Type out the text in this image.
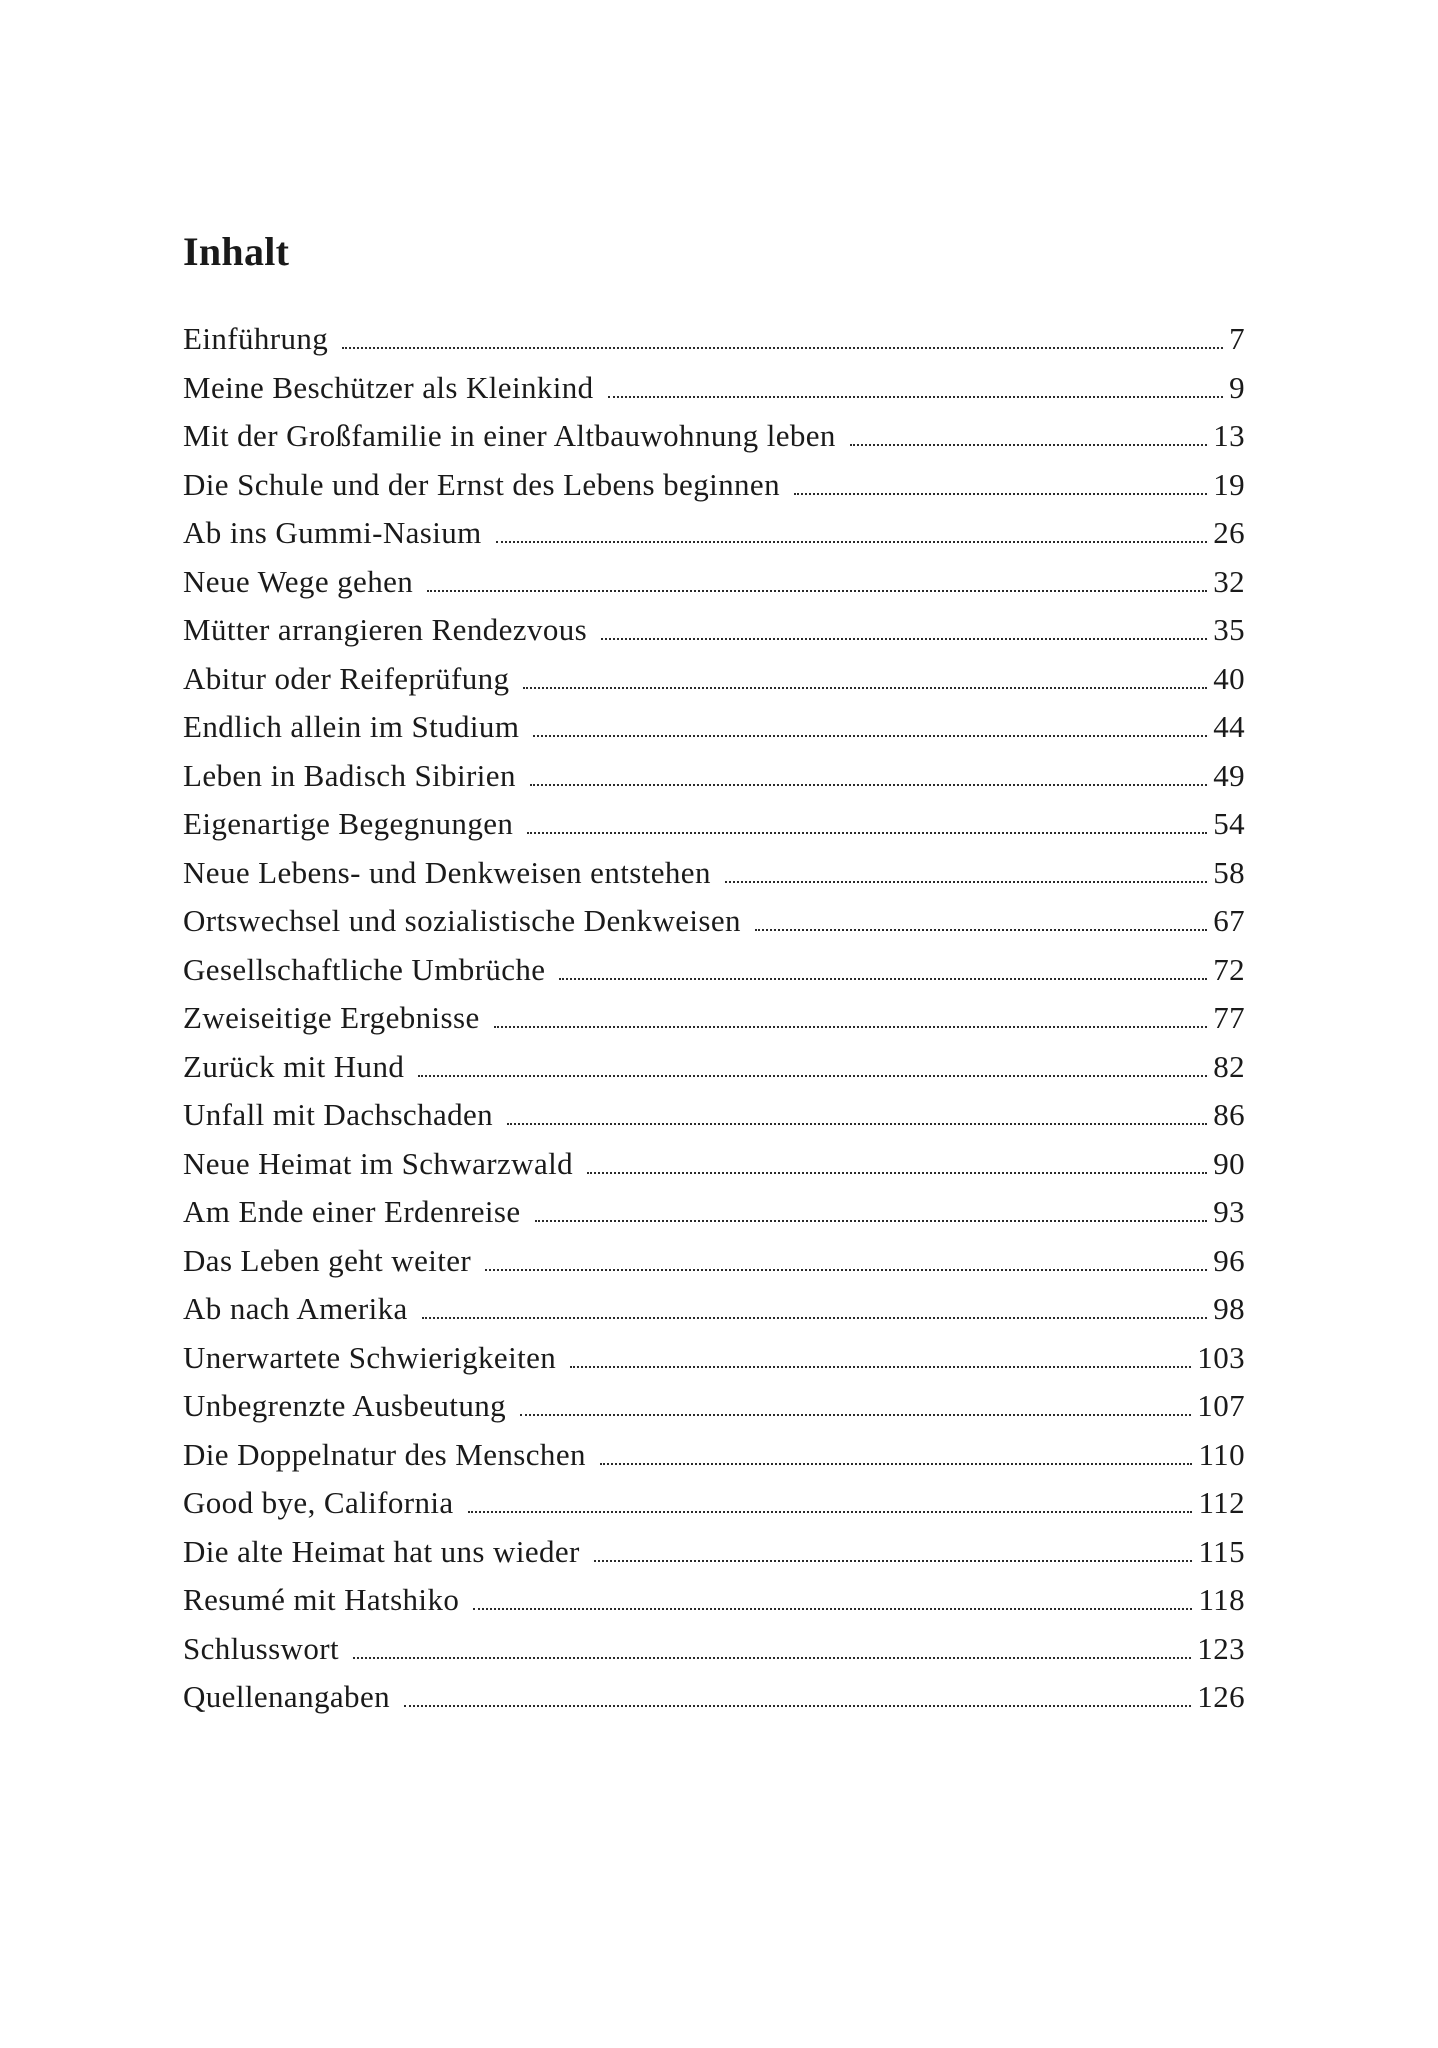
Inhalt
Einführung	7
Meine Beschützer als Kleinkind	9
Mit der Großfamilie in einer Altbauwohnung leben	13
Die Schule und der Ernst des Lebens beginnen	19
Ab ins Gummi-Nasium	26
Neue Wege gehen	32
Mütter arrangieren Rendezvous	35
Abitur oder Reifeprüfung	40
Endlich allein im Studium	44
Leben in Badisch Sibirien	49
Eigenartige Begegnungen	54
Neue Lebens- und Denkweisen entstehen	58
Ortswechsel und sozialistische Denkweisen	67
Gesellschaftliche Umbrüche	72
Zweiseitige Ergebnisse	77
Zurück mit Hund	82
Unfall mit Dachschaden	86
Neue Heimat im Schwarzwald	90
Am Ende einer Erdenreise	93
Das Leben geht weiter	96
Ab nach Amerika	98
Unerwartete Schwierigkeiten	103
Unbegrenzte Ausbeutung	107
Die Doppelnatur des Menschen	110
Good bye, California	112
Die alte Heimat hat uns wieder	115
Resumé mit Hatshiko	118
Schlusswort	123
Quellenangaben	126
